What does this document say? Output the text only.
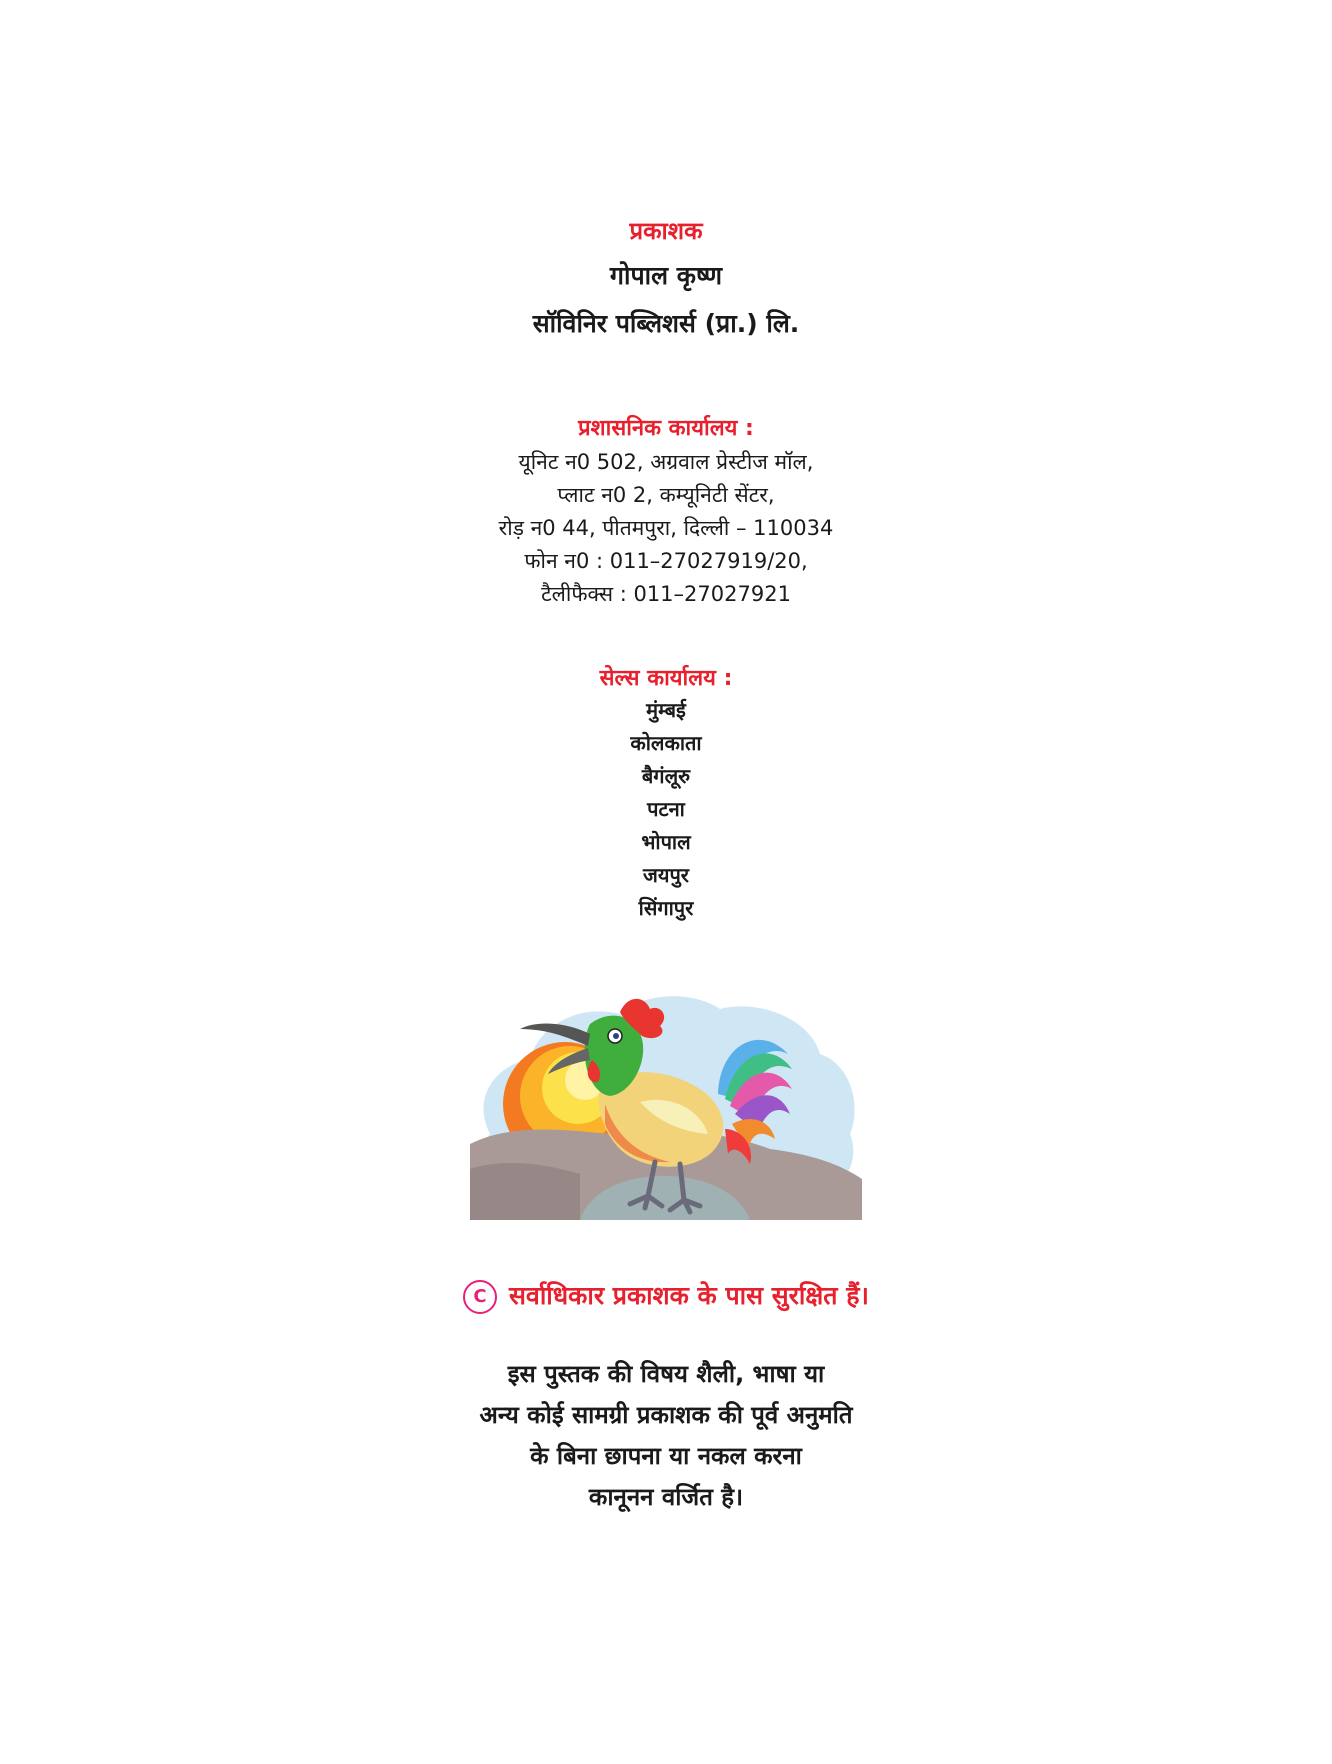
प्रकाशक
गोपाल कृष्ण
सॉविनिर पब्लिशर्स (प्रा.) लि.
प्रशासनिक कार्यालय :
यूनिट न0 502, अग्रवाल प्रेस्टीज मॉल,
प्लाट न0 2, कम्यूनिटी सेंटर,
रोड़ न0 44, पीतमपुरा, दिल्ली – 110034
फोन न0 : 011–27027919/20,
टैलीफैक्स : 011–27027921
सेल्स कार्यालय :
मुंम्बई
कोलकाता
बैगंलूरु
पटना
भोपाल
जयपुर
सिंगापुर
C सर्वाधिकार प्रकाशक के पास सुरक्षित हैं।
इस पुस्तक की विषय शैली, भाषा या
अन्य कोई सामग्री प्रकाशक की पूर्व अनुमति
के बिना छापना या नकल करना
कानूनन वर्जित है।
